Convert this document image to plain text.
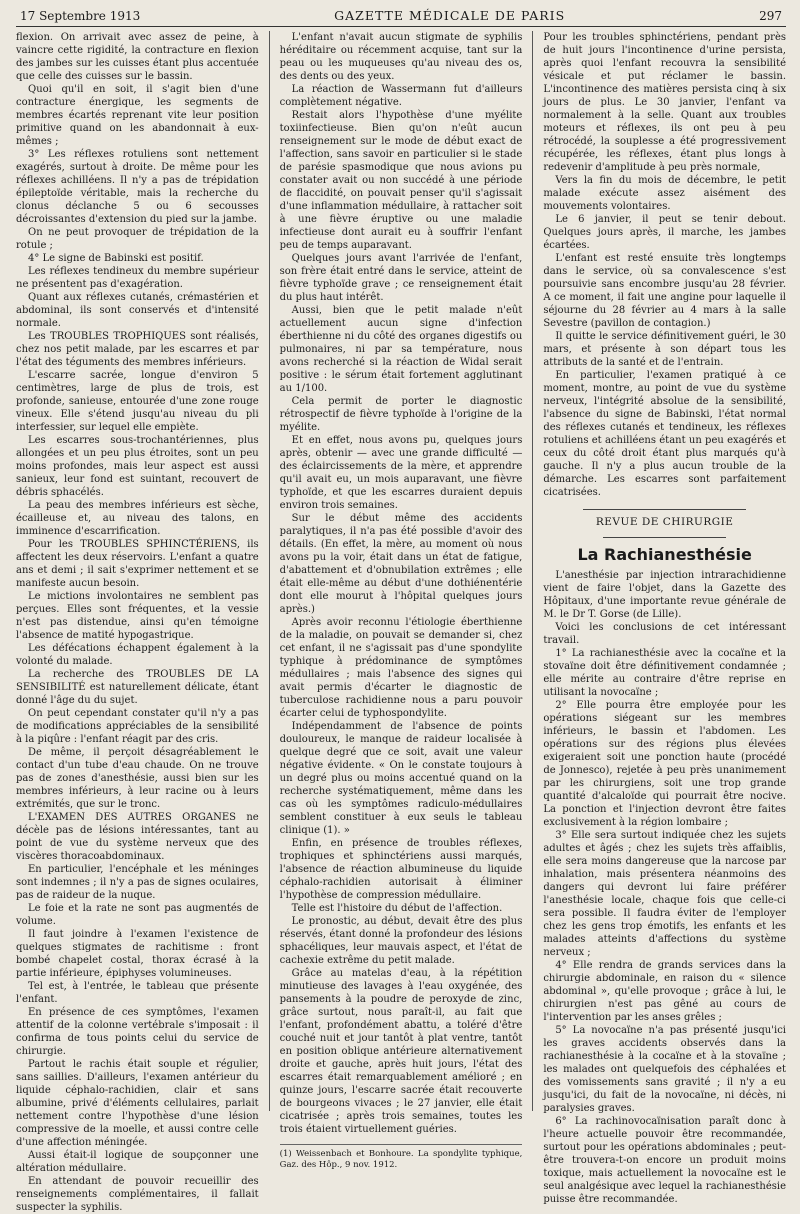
17 Septembre 1913	GAZETTE MÉDICALE DE PARIS	297

flexion. On arrivait avec assez de peine, à vaincre cette rigidité, la contracture en flexion des jambes sur les cuisses étant plus accentuée que celle des cuisses sur le bassin.

Quoi qu'il en soit, il s'agit bien d'une contracture énergique, les segments de membres écartés reprenant vite leur position primitive quand on les abandonnait à eux-mêmes ;

3° Les réflexes rotuliens sont nettement exagérés, surtout à droite. De même pour les réflexes achilléens. Il n'y a pas de trépidation épileptoïde véritable, mais la recherche du clonus déclanche 5 ou 6 secousses décroissantes d'extension du pied sur la jambe.

On ne peut provoquer de trépidation de la rotule ;

4° Le signe de Babinski est positif.

Les réflexes tendineux du membre supérieur ne présentent pas d'exagération.

Quant aux réflexes cutanés, crémastérien et abdominal, ils sont conservés et d'intensité normale.

Les TROUBLES TROPHIQUES sont réalisés, chez nos petit malade, par les escarres et par l'état des téguments des membres inférieurs.

L'escarre sacrée, longue d'environ 5 centimètres, large de plus de trois, est profonde, sanieuse, entourée d'une zone rouge vineux. Elle s'étend jusqu'au niveau du pli interfessier, sur lequel elle empiète.

Les escarres sous-trochantériennes, plus allongées et un peu plus étroites, sont un peu moins profondes, mais leur aspect est aussi sanieux, leur fond est suintant, recouvert de débris sphacélés.

La peau des membres inférieurs est sèche, écailleuse et, au niveau des talons, en imminence d'escarrification.

Pour les TROUBLES SPHINCTÉRIENS, ils affectent les deux réservoirs. L'enfant a quatre ans et demi ; il sait s'exprimer nettement et se manifeste aucun besoin.

Le mictions involontaires ne semblent pas perçues. Elles sont fréquentes, et la vessie n'est pas distendue, ainsi qu'en témoigne l'absence de matité hypogastrique.

Les défécations échappent également à la volonté du malade.

La recherche des TROUBLES DE LA SENSIBILITÉ est naturellement délicate, étant donné l'âge du du sujet.

On peut cependant constater qu'il n'y a pas de modifications appréciables de la sensibilité à la piqûre : l'enfant réagit par des cris.

De même, il perçoit désagréablement le contact d'un tube d'eau chaude. On ne trouve pas de zones d'anesthésie, aussi bien sur les membres inférieurs, à leur racine ou à leurs extrémités, que sur le tronc.

L'EXAMEN DES AUTRES ORGANES ne décèle pas de lésions intéressantes, tant au point de vue du système nerveux que des viscères thoracoabdominaux.

En particulier, l'encéphale et les méninges sont indemnes ; il n'y a pas de signes oculaires, pas de raideur de la nuque.

Le foie et la rate ne sont pas augmentés de volume.

Il faut joindre à l'examen l'existence de quelques stigmates de rachitisme : front bombé chapelet costal, thorax écrasé à la partie inférieure, épiphyses volumineuses.

Tel est, à l'entrée, le tableau que présente l'enfant.

En présence de ces symptômes, l'examen attentif de la colonne vertébrale s'imposait : il confirma de tous points celui du service de chirurgie.

Partout le rachis était souple et régulier, sans saillies. D'ailleurs, l'examen antérieur du liquide céphalo-rachidien, clair et sans albumine, privé d'éléments cellulaires, parlait nettement contre l'hypothèse d'une lésion compressive de la moelle, et aussi contre celle d'une affection méningée.

Aussi était-il logique de soupçonner une altération médullaire.

En attendant de pouvoir recueillir des renseignements complémentaires, il fallait suspecter la syphilis.

L'enfant n'avait aucun stigmate de syphilis héréditaire ou récemment acquise, tant sur la peau ou les muqueuses qu'au niveau des os, des dents ou des yeux.

La réaction de Wassermann fut d'ailleurs complètement négative.

Restait alors l'hypothèse d'une myélite toxiinfectieuse. Bien qu'on n'eût aucun renseignement sur le mode de début exact de l'affection, sans savoir en particulier si le stade de parésie spasmodique que nous avions pu constater avait ou non succédé à une période de flaccidité, on pouvait penser qu'il s'agissait d'une inflammation médullaire, à rattacher soit à une fièvre éruptive ou une maladie infectieuse dont aurait eu à souffrir l'enfant peu de temps auparavant.

Quelques jours avant l'arrivée de l'enfant, son frère était entré dans le service, atteint de fièvre typhoïde grave ; ce renseignement était du plus haut intérêt.

Aussi, bien que le petit malade n'eût actuellement aucun signe d'infection éberthienne ni du côté des organes digestifs ou pulmonaires, ni par sa température, nous avons recherché si la réaction de Widal serait positive : le sérum était fortement agglutinant au 1/100.

Cela permit de porter le diagnostic rétrospectif de fièvre typhoïde à l'origine de la myélite.

Et en effet, nous avons pu, quelques jours après, obtenir — avec une grande difficulté — des éclaircissements de la mère, et apprendre qu'il avait eu, un mois auparavant, une fièvre typhoïde, et que les escarres duraient depuis environ trois semaines.

Sur le début même des accidents paralytiques, il n'a pas été possible d'avoir des détails. (En effet, la mère, au moment où nous avons pu la voir, était dans un état de fatigue, d'abattement et d'obnubilation extrêmes ; elle était elle-même au début d'une dothiénentérie dont elle mourut à l'hôpital quelques jours après.)

Après avoir reconnu l'étiologie éberthienne de la maladie, on pouvait se demander si, chez cet enfant, il ne s'agissait pas d'une spondylite typhique à prédominance de symptômes médullaires ; mais l'absence des signes qui avait permis d'écarter le diagnostic de tuberculose rachidienne nous a paru pouvoir écarter celui de typhospondylite.

Indépendamment de l'absence de points douloureux, le manque de raideur localisée à quelque degré que ce soit, avait une valeur négative évidente. « On le constate toujours à un degré plus ou moins accentué quand on la recherche systématiquement, même dans les cas où les symptômes radiculo-médullaires semblent constituer à eux seuls le tableau clinique (1). »

Enfin, en présence de troubles réflexes, trophiques et sphinctériens aussi marqués, l'absence de réaction albumineuse du liquide céphalo-rachidien autorisait à éliminer l'hypothèse de compression médullaire.

Telle est l'histoire du début de l'affection.

Le pronostic, au début, devait être des plus réservés, étant donné la profondeur des lésions sphacéliques, leur mauvais aspect, et l'état de cachexie extrême du petit malade.

Grâce au matelas d'eau, à la répétition minutieuse des lavages à l'eau oxygénée, des pansements à la poudre de peroxyde de zinc, grâce surtout, nous paraît-il, au fait que l'enfant, profondément abattu, a toléré d'être couché nuit et jour tantôt à plat ventre, tantôt en position oblique antérieure alternativement droite et gauche, après huit jours, l'état des escarres était remarquablement amélioré ; en quinze jours, l'escarre sacrée était recouverte de bourgeons vivaces ; le 27 janvier, elle était cicatrisée ; après trois semaines, toutes les trois étaient virtuellement guéries.

(1) Weissenbach et Bonhoure. La spondylite typhique, Gaz. des Hôp., 9 nov. 1912.

Pour les troubles sphinctériens, pendant près de huit jours l'incontinence d'urine persista, après quoi l'enfant recouvra la sensibilité vésicale et put réclamer le bassin. L'incontinence des matières persista cinq à six jours de plus. Le 30 janvier, l'enfant va normalement à la selle. Quant aux troubles moteurs et réflexes, ils ont peu à peu rétrocédé, la souplesse a été progressivement récupérée, les réflexes, étant plus longs à redevenir d'amplitude à peu près normale,

Vers la fin du mois de décembre, le petit malade exécute assez aisément des mouvements volontaires.

Le 6 janvier, il peut se tenir debout. Quelques jours après, il marche, les jambes écartées.

L'enfant est resté ensuite très longtemps dans le service, où sa convalescence s'est poursuivie sans encombre jusqu'au 28 février. A ce moment, il fait une angine pour laquelle il séjourne du 28 février au 4 mars à la salle Sevestre (pavillon de contagion.)

Il quitte le service définitivement guéri, le 30 mars, et présente à son départ tous les attributs de la santé et de l'entrain.

En particulier, l'examen pratiqué à ce moment, montre, au point de vue du système nerveux, l'intégrité absolue de la sensibilité, l'absence du signe de Babinski, l'état normal des réflexes cutanés et tendineux, les réflexes rotuliens et achilléens étant un peu exagérés et ceux du côté droit étant plus marqués qu'à gauche. Il n'y a plus aucun trouble de la démarche. Les escarres sont parfaitement cicatrisées.

REVUE DE CHIRURGIE
La Rachianesthésie

L'anesthésie par injection intrarachidienne vient de faire l'objet, dans la Gazette des Hôpitaux, d'une importante revue générale de M. le Dr T. Gorse (de Lille).

Voici les conclusions de cet intéressant travail.

1° La rachianesthésie avec la cocaïne et la stovaïne doit être définitivement condamnée ; elle mérite au contraire d'être reprise en utilisant la novocaïne ;

2° Elle pourra être employée pour les opérations siégeant sur les membres inférieurs, le bassin et l'abdomen. Les opérations sur des régions plus élevées exigeraient soit une ponction haute (procédé de Jonnesco), rejetée à peu près unanimement par les chirurgiens, soit une trop grande quantité d'alcaloïde qui pourrait être nocive. La ponction et l'injection devront être faites exclusivement à la région lombaire ;

3° Elle sera surtout indiquée chez les sujets adultes et âgés ; chez les sujets très affaiblis, elle sera moins dangereuse que la narcose par inhalation, mais présentera néanmoins des dangers qui devront lui faire préférer l'anesthésie locale, chaque fois que celle-ci sera possible. Il faudra éviter de l'employer chez les gens trop émotifs, les enfants et les malades atteints d'affections du système nerveux ;

4° Elle rendra de grands services dans la chirurgie abdominale, en raison du « silence abdominal », qu'elle provoque ; grâce à lui, le chirurgien n'est pas gêné au cours de l'intervention par les anses grêles ;

5° La novocaïne n'a pas présenté jusqu'ici les graves accidents observés dans la rachianesthésie à la cocaïne et à la stovaïne ; les malades ont quelquefois des céphalées et des vomissements sans gravité ; il n'y a eu jusqu'ici, du fait de la novocaïne, ni décès, ni paralysies graves.

6° La rachinovocaïnisation paraît donc à l'heure actuelle pouvoir être recommandée, surtout pour les opérations abdominales ; peut-être trouvera-t-on encore un produit moins toxique, mais actuellement la novocaïne est le seul analgésique avec lequel la rachianesthésie puisse être recommandée.
